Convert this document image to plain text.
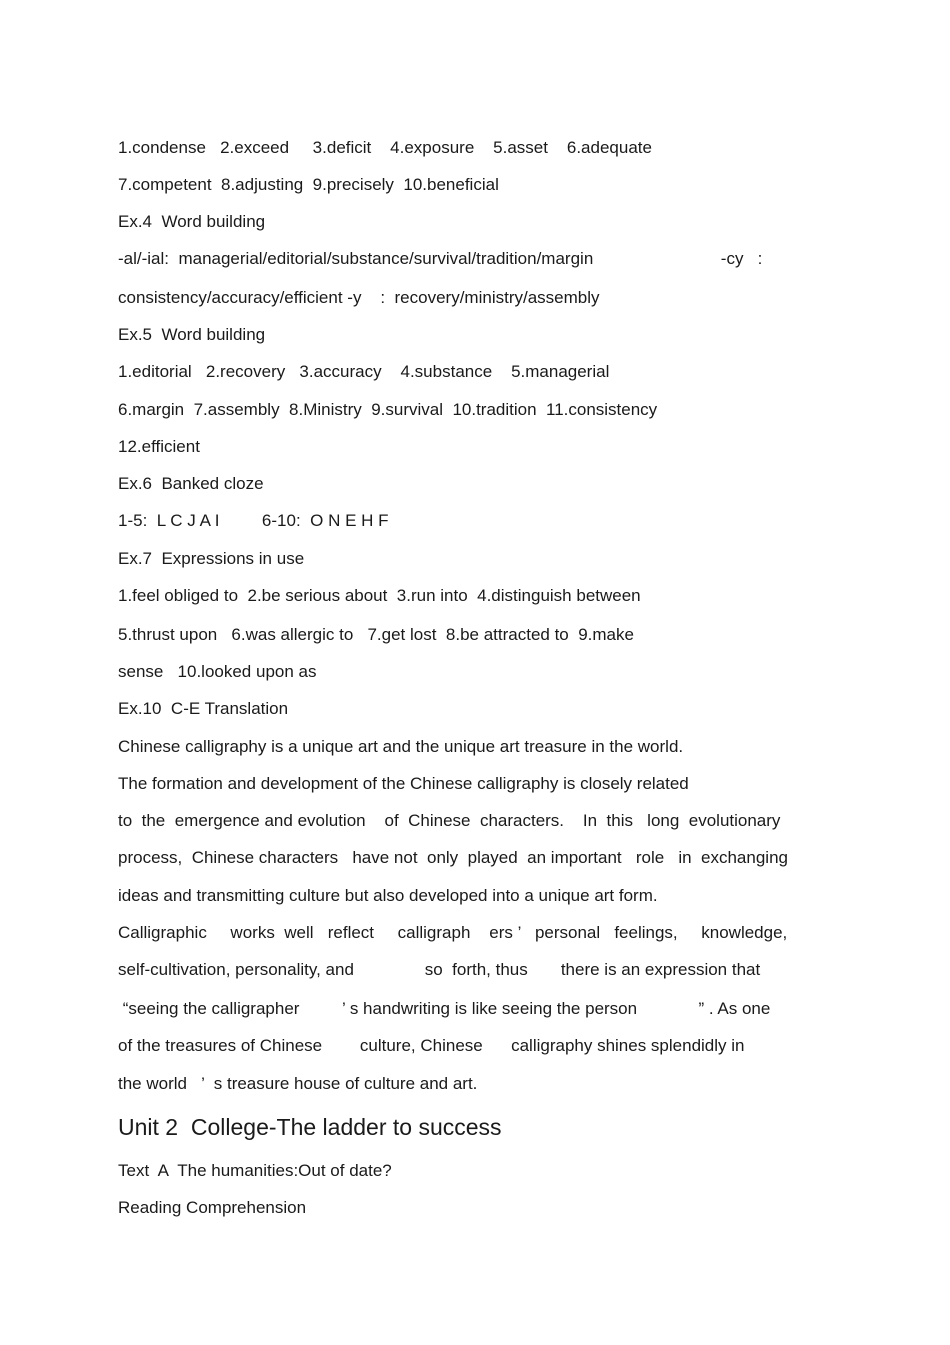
1.condense   2.exceed     3.deficit    4.exposure    5.asset    6.adequate
7.competent  8.adjusting  9.precisely  10.beneficial
Ex.4  Word building
-al/-ial:  managerial/editorial/substance/survival/tradition/margin                           -cy   :
consistency/accuracy/efficient -y    :  recovery/ministry/assembly
Ex.5  Word building
1.editorial   2.recovery   3.accuracy    4.substance    5.managerial
6.margin  7.assembly  8.Ministry  9.survival  10.tradition  11.consistency
12.efficient
Ex.6  Banked cloze
1-5:  L C J A I         6-10:  O N E H F
Ex.7  Expressions in use
1.feel obliged to  2.be serious about  3.run into  4.distinguish between
5.thrust upon   6.was allergic to   7.get lost  8.be attracted to  9.make
sense   10.looked upon as
Ex.10  C-E Translation
Chinese calligraphy is a unique art and the unique art treasure in the world.
The formation and development of the Chinese calligraphy is closely related
to  the  emergence and evolution    of  Chinese  characters.    In  this   long  evolutionary
process,  Chinese characters   have not  only  played  an important   role   in  exchanging
ideas and transmitting culture but also developed into a unique art form.
Calligraphic     works  well   reflect     calligraph    ers ’   personal   feelings,     knowledge,
self-cultivation, personality, and               so  forth, thus       there is an expression that
“seeing the calligrapher         ’ s handwriting is like seeing the person             ” . As one
of the treasures of Chinese        culture, Chinese      calligraphy shines splendidly in
the world   ’  s treasure house of culture and art.
Unit 2  College-The ladder to success
Text  A  The humanities:Out of date?
Reading Comprehension
